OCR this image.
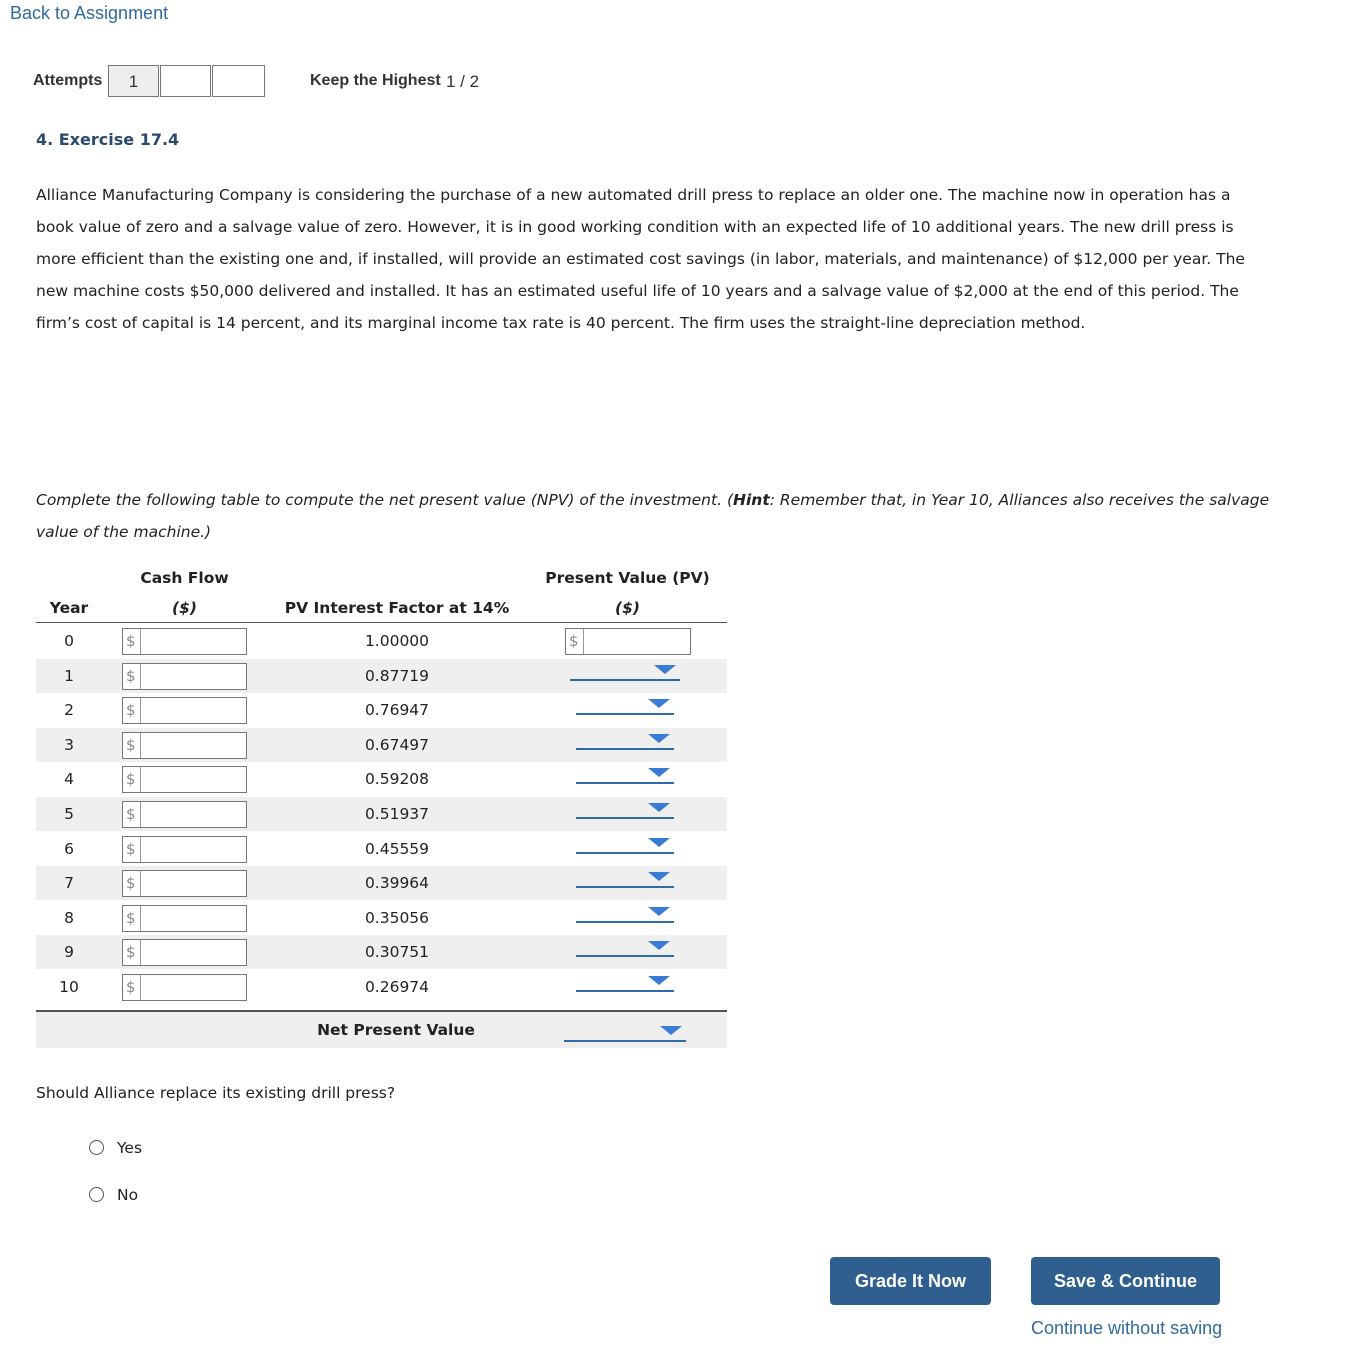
Back to Assignment
Attempts	1	Keep the Highest 1 / 2
4. Exercise 17.4
Alliance Manufacturing Company is considering the purchase of a new automated drill press to replace an older one. The machine now in operation has a book value of zero and a salvage value of zero. However, it is in good working condition with an expected life of 10 additional years. The new drill press is more efficient than the existing one and, if installed, will provide an estimated cost savings (in labor, materials, and maintenance) of $12,000 per year. The new machine costs $50,000 delivered and installed. It has an estimated useful life of 10 years and a salvage value of $2,000 at the end of this period. The firm’s cost of capital is 14 percent, and its marginal income tax rate is 40 percent. The firm uses the straight-line depreciation method.
Complete the following table to compute the net present value (NPV) of the investment. (Hint: Remember that, in Year 10, Alliances also receives the salvage value of the machine.)
Year
Cash Flow
($)	PV Interest Factor at 14%
Present Value (PV)
($)
0	$	1.00000	$
1	$	0.87719
2	$	0.76947
3	$	0.67497
4	$	0.59208
5	$	0.51937
6	$	0.45559
7	$	0.39964
8	$	0.35056
9	$	0.30751
10	$	0.26974
Net Present Value
Should Alliance replace its existing drill press?
Yes
No
Grade It Now	Save & Continue
Continue without saving
